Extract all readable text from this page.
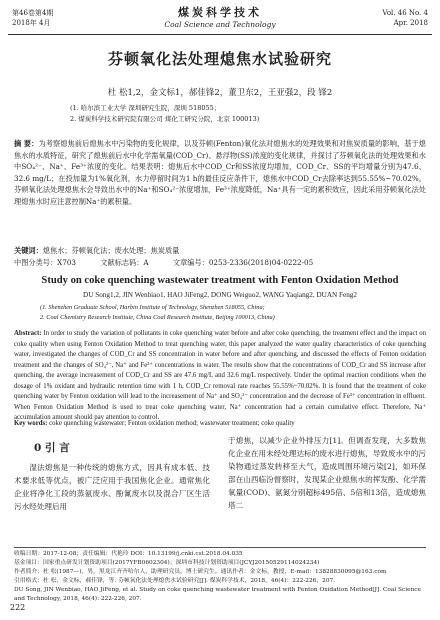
第46卷第4期
2018年 4月
煤炭科学技术
Coal Science and Technology
Vol. 46 No. 4
Apr. 2018
芬顿氧化法处理熄焦水试验研究
杜 松1,2，金文标1，郝佳锋2，董卫东2，王亚强2，段 锋2
(1. 哈尔滨工业大学 深圳研究生院，深圳 518055；
2. 煤炭科学技术研究院有限公司 煤化工研究分院，北京 100013)
摘 要：为考察熄焦前后熄焦水中污染物的变化规律，以及芬顿(Fenton)氧化法对熄焦水的处理效果和对焦炭质量的影响，基于熄焦水的水质特征，研究了熄焦前后水中化学需氧量(COD_Cr)、悬浮物(SS)浓度的变化规律，并探讨了芬顿氧化法的处理效果和水中SO₄²⁻、Na⁺、Fe³⁺浓度的变化。结果表明：熄焦后水中COD_Cr和SS浓度均增加，COD_Cr、SS的平均增量分别为47.6、32.6 mg/L；在投加量为1%氧化剂，水力停留时间为1 h的最佳反应条件下，熄焦水中COD_Cr去除率达到55.55%~70.02%。芬顿氧化法处理熄焦水会导致出水中的Na⁺和SO₄²⁻浓度增加，Fe³⁺浓度降低，Na⁺具有一定的累积效应，因此采用芬顿氧化法处理熄焦水时应注意控制Na⁺的累积量。
关键词：熄焦水；芬顿氧化法；废水处理；焦炭质量
中图分类号：X703	文献标志码：A	文章编号：0253-2336(2018)04-0222-05
Study on coke quenching wastewater treatment with Fenton Oxidation Method
DU Song1,2, JIN Wenbiao1, HAO JiFeng2, DONG Weiguo2, WANG Yaqiang2, DUAN Feng2
(1. Shenzhen Graduate School, Harbin Institute of Technology, Shenzhen 518055, China;
2. Coal Chemistry Research Institute, China Coal Research Institute, Beijing 100013, China)
Abstract: In order to study the variation of pollutants in coke quenching water before and after coke quenching, the treatment effect and the impact on coke quality when using Fenton Oxidation Method to treat quenching water, this paper analyzed the water quality characteristics of coke quenching water, investigated the changes of COD_Cr and SS concentration in water before and after quenching, and discussed the effects of Fenton oxidation treatment and the changes of SO₄²⁻, Na⁺ and Fe³⁺ concentrations in water. The results show that the concentrations of COD_Cr and SS increase after quenching, the average increasement of COD_Cr and SS are 47.6 mg/L and 32.6 mg/L respectively. Under the optimal reaction conditions when the dosage of 1% oxidant and hydraulic retention time with 1 h, COD_Cr removal rate reaches 55.55%~70.02%. It is found that the treatment of coke quenching water by Fenton oxidation will lead to the increasement of Na⁺ and SO₄²⁻ concentration and the decrease of Fe³⁺ concentration in effluent. When Fenton Oxidation Method is used to treat coke quenching water, Na⁺ concentration had a certain cumulative effect. Therefore, Na⁺ accumulation amount should pay attention to control.
Key words: coke quenching wastewater; Fenton oxidation method; wastewater treatment; coke quality
0 引 言
湿法熄焦是一种传统的熄焦方式，因具有成本低、技术要求低等优点，被广泛应用于我国焦化企业。通常焦化企业将净化工段的蒸氨废水、酚氰废水以及混合厂区生活污水经处理后用
于熄焦，以减少企业外排压力[1]。但调查发现，大多数焦化企业在用未经处理达标的废水进行熄焦，导致废水中的污染物通过蒸发转移至大气，造成周围环境污染[2]，如环保部在山西临汾督察时，发现某企业熄焦水的挥发酚、化学需氧量(COD)、氨氮分别超标495倍、5倍和13倍，造成熄焦塔二
收稿日期：2017-12-08；责任编辑：代艳玲 DOI：10.13199/j.cnki.cst.2018.04.035
基金项目：国家重点研发计划资助项目(2017YFB0602304)；深圳市科技计划资助项目(JCYJ20150529114024234)
作者简介：杜 松(1987—)，男，黑龙江齐齐哈尔人，助理研究员，博士研究生。通讯作者：金文标，教授，E-mail：13828830095@163.com
引用格式：杜 松，金文标，郝佳锋，等. 芬顿氧化法处理熄焦水试验研究[J]. 煤炭科学技术，2018，46(4)：222-226，207.
DU Song, JIN Wenbiao, HAO JiFeng, et al. Study on coke quenching wastewater treatment with Fenton Oxidation Method[J]. Coal Science and Technology, 2018, 46(4): 222-226, 207.
222
